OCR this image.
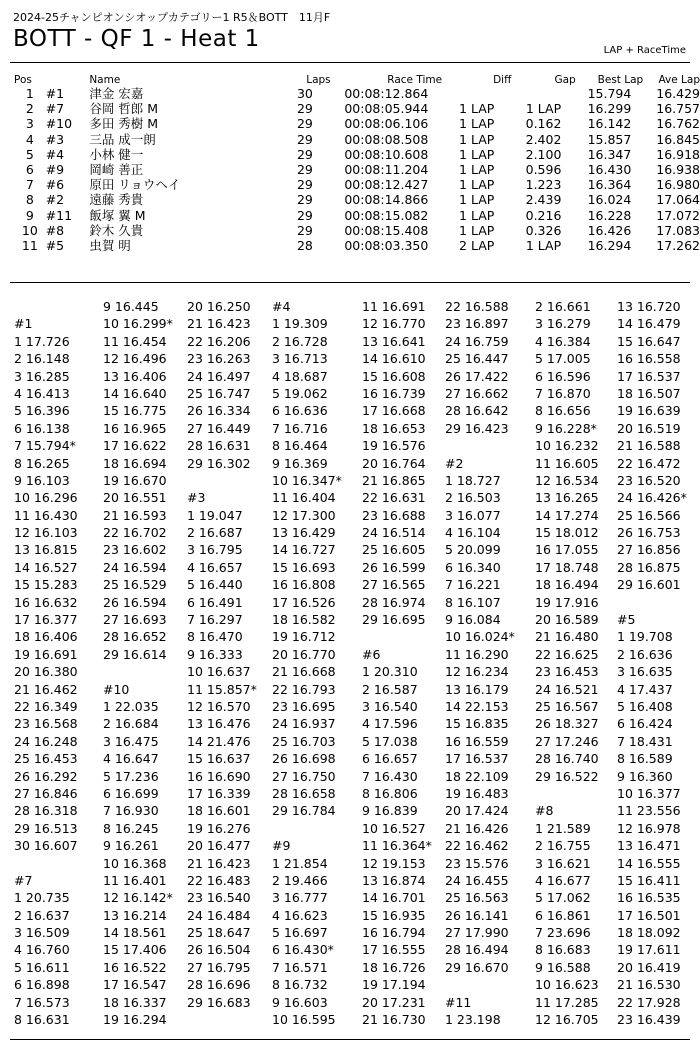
2024-25チャンピオンシオップカテゴリー1 R5＆BOTT　11月F
BOTT - QF 1 - Heat 1	LAP + RaceTime
Pos		Name	Laps	Race Time	Diff	Gap	Best Lap	Ave Lap
1	#1	津金 宏嘉	30	00:08:12.864			15.794	16.429
2	#7	谷岡 哲郎 M	29	00:08:05.944	1 LAP	1 LAP	16.299	16.757
3	#10	多田 秀樹 M	29	00:08:06.106	1 LAP	0.162	16.142	16.762
4	#3	三品 成一朗	29	00:08:08.508	1 LAP	2.402	15.857	16.845
5	#4	小林 健一	29	00:08:10.608	1 LAP	2.100	16.347	16.918
6	#9	岡崎 善正	29	00:08:11.204	1 LAP	0.596	16.430	16.938
7	#6	原田 リョウヘイ	29	00:08:12.427	1 LAP	1.223	16.364	16.980
8	#2	遠藤 秀貴	29	00:08:14.866	1 LAP	2.439	16.024	17.064
9	#11	飯塚 翼 M	29	00:08:15.082	1 LAP	0.216	16.228	17.072
10	#8	鈴木 久貴	29	00:08:15.408	1 LAP	0.326	16.426	17.083
11	#5	虫賀 明	28	00:08:03.350	2 LAP	1 LAP	16.294	17.262
#1
1 17.726
2 16.148
3 16.285
4 16.413
5 16.396
6 16.138
7 15.794*
8 16.265
9 16.103
10 16.296
11 16.430
12 16.103
13 16.815
14 16.527
15 15.283
16 16.632
17 16.377
18 16.406
19 16.691
20 16.380
21 16.462
22 16.349
23 16.568
24 16.248
25 16.453
26 16.292
27 16.846
28 16.318
29 16.513
30 16.607
#7
1 20.735
2 16.637
3 16.509
4 16.760
5 16.611
6 16.898
7 16.573
8 16.631
9 16.445
10 16.299*
11 16.454
12 16.496
13 16.406
14 16.640
15 16.775
16 16.965
17 16.622
18 16.694
19 16.670
20 16.551
21 16.593
22 16.702
23 16.602
24 16.594
25 16.529
26 16.594
27 16.693
28 16.652
29 16.614
#10
1 22.035
2 16.684
3 16.475
4 16.647
5 17.236
6 16.699
7 16.930
8 16.245
9 16.261
10 16.368
11 16.401
12 16.142*
13 16.214
14 18.561
15 17.406
16 16.522
17 16.547
18 16.337
19 16.294
20 16.250
21 16.423
22 16.206
23 16.263
24 16.497
25 16.747
26 16.334
27 16.449
28 16.631
29 16.302
#3
1 19.047
2 16.687
3 16.795
4 16.657
5 16.440
6 16.491
7 16.297
8 16.470
9 16.333
10 16.637
11 15.857*
12 16.570
13 16.476
14 21.476
15 16.637
16 16.690
17 16.339
18 16.601
19 16.276
20 16.477
21 16.423
22 16.483
23 16.540
24 16.484
25 18.647
26 16.504
27 16.795
28 16.696
29 16.683
#4
1 19.309
2 16.728
3 16.713
4 18.687
5 19.062
6 16.636
7 16.716
8 16.464
9 16.369
10 16.347*
11 16.404
12 17.300
13 16.429
14 16.727
15 16.693
16 16.808
17 16.526
18 16.582
19 16.712
20 16.770
21 16.668
22 16.793
23 16.695
24 16.937
25 16.703
26 16.698
27 16.750
28 16.658
29 16.784
#9
1 21.854
2 19.466
3 16.777
4 16.623
5 16.697
6 16.430*
7 16.571
8 16.732
9 16.603
10 16.595
11 16.691
12 16.770
13 16.641
14 16.610
15 16.608
16 16.739
17 16.668
18 16.653
19 16.576
20 16.764
21 16.865
22 16.631
23 16.688
24 16.514
25 16.605
26 16.599
27 16.565
28 16.974
29 16.695
#6
1 20.310
2 16.587
3 16.540
4 17.596
5 17.038
6 16.657
7 16.430
8 16.806
9 16.839
10 16.527
11 16.364*
12 19.153
13 16.874
14 16.701
15 16.935
16 16.794
17 16.555
18 16.726
19 17.194
20 17.231
21 16.730
22 16.588
23 16.897
24 16.759
25 16.447
26 17.422
27 16.662
28 16.642
29 16.423
#2
1 18.727
2 16.503
3 16.077
4 16.104
5 20.099
6 16.340
7 16.221
8 16.107
9 16.084
10 16.024*
11 16.290
12 16.234
13 16.179
14 22.153
15 16.835
16 16.559
17 16.537
18 22.109
19 16.483
20 17.424
21 16.426
22 16.462
23 15.576
24 16.455
25 16.563
26 16.141
27 17.990
28 16.494
29 16.670
#11
1 23.198
2 16.661
3 16.279
4 16.384
5 17.005
6 16.596
7 16.870
8 16.656
9 16.228*
10 16.232
11 16.605
12 16.534
13 16.265
14 17.274
15 18.012
16 17.055
17 18.748
18 16.494
19 17.916
20 16.589
21 16.480
22 16.625
23 16.453
24 16.521
25 16.567
26 18.327
27 17.246
28 16.740
29 16.522
#8
1 21.589
2 16.755
3 16.621
4 16.677
5 17.062
6 16.861
7 23.696
8 16.683
9 16.588
10 16.623
11 17.285
12 16.705
13 16.720
14 16.479
15 16.647
16 16.558
17 16.537
18 16.507
19 16.639
20 16.519
21 16.588
22 16.472
23 16.520
24 16.426*
25 16.566
26 16.753
27 16.856
28 16.875
29 16.601
#5
1 19.708
2 16.636
3 16.635
4 17.437
5 16.408
6 16.424
7 18.431
8 16.589
9 16.360
10 16.377
11 23.556
12 16.978
13 16.471
14 16.555
15 16.411
16 16.535
17 16.501
18 18.092
19 17.611
20 16.419
21 16.530
22 17.928
23 16.439
